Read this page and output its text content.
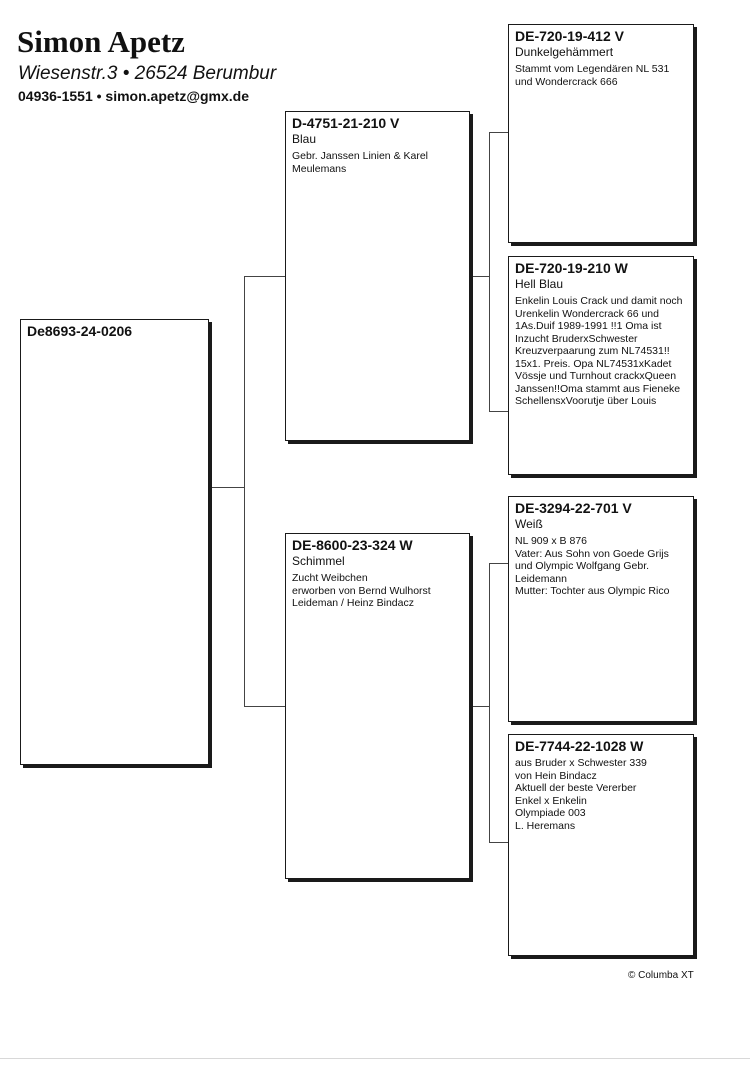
Simon Apetz
Wiesenstr.3 • 26524 Berumbur
04936-1551 • simon.apetz@gmx.de
De8693-24-0206
D-4751-21-210 V
Blau
Gebr. Janssen Linien & Karel Meulemans
DE-8600-23-324 W
Schimmel
Zucht Weibchen
erworben von Bernd Wulhorst
Leideman / Heinz Bindacz
DE-720-19-412 V
Dunkelgehämmert
Stammt vom Legendären NL 531 und Wondercrack 666
DE-720-19-210 W
Hell Blau
Enkelin Louis Crack und damit noch Urenkelin Wondercrack 66 und 1As.Duif 1989-1991 !!1 Oma ist Inzucht BruderxSchwester Kreuzverpaarung zum NL74531!! 15x1. Preis. Opa NL74531xKadet Vössje und Turnhout crackxQueen Janssen!!Oma stammt aus Fieneke SchellensxVoorutje über Louis
DE-3294-22-701 V
Weiß
NL 909 x B 876
Vater: Aus Sohn von Goede Grijs und Olympic Wolfgang Gebr. Leidemann
Mutter: Tochter aus Olympic Rico
DE-7744-22-1028 W
aus Bruder x Schwester 339
von Hein Bindacz
Aktuell der beste Vererber
Enkel x Enkelin
Olympiade 003
L. Heremans
© Columba XT
